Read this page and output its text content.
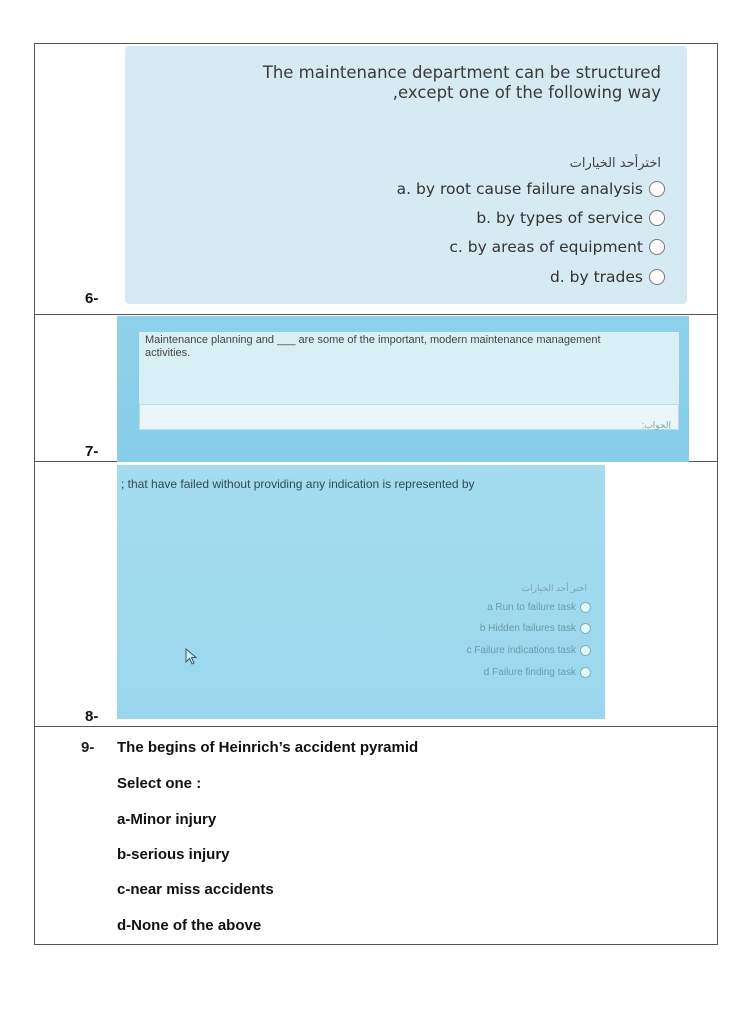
The maintenance department can be structured
,except one of the following way
اخترأحد الخيارات
a. by root cause failure analysis
b. by types of service
c. by areas of equipment
d. by trades
6-
Maintenance planning and ___ are some of the important, modern maintenance management activities.
الجواب:
7-
; that have failed without providing any indication is represented by
اختر أحد الخيارات
a Run to failure task
b Hidden failures task
c Failure indications task
d Failure finding task
8-
9- The begins of Heinrich’s accident pyramid
Select one :
a-Minor injury
b-serious injury
c-near miss accidents
d-None of the above
